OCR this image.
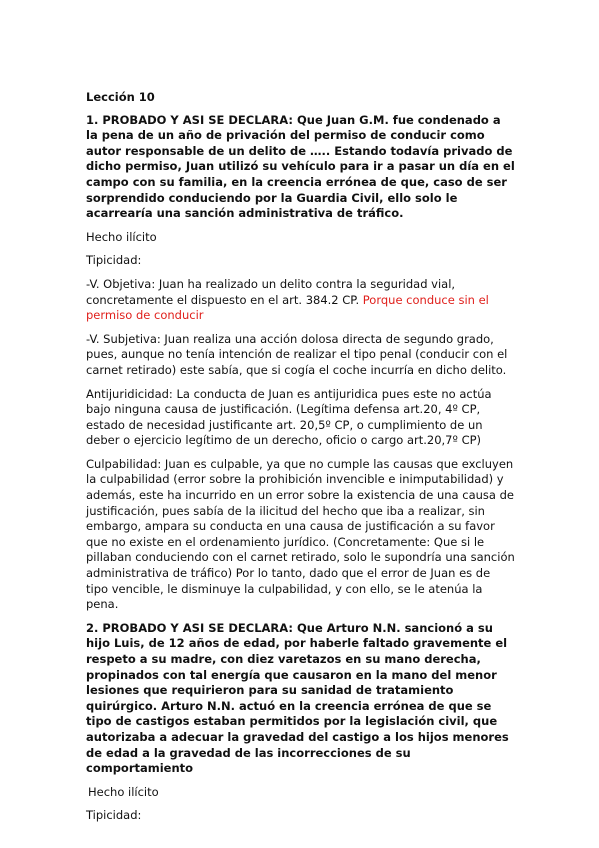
Lección 10

1. PROBADO Y ASI SE DECLARA: Que Juan G.M. fue condenado a la pena de un año de privación del permiso de conducir como autor responsable de un delito de ….. Estando todavía privado de dicho permiso, Juan utilizó su vehículo para ir a pasar un día en el campo con su familia, en la creencia errónea de que, caso de ser sorprendido conduciendo por la Guardia Civil, ello solo le acarrearía una sanción administrativa de tráfico.

Hecho ilícito

Tipicidad:

-V. Objetiva: Juan ha realizado un delito contra la seguridad vial, concretamente el dispuesto en el art. 384.2 CP. Porque conduce sin el permiso de conducir

-V. Subjetiva: Juan realiza una acción dolosa directa de segundo grado, pues, aunque no tenía intención de realizar el tipo penal (conducir con el carnet retirado) este sabía, que si cogía el coche incurría en dicho delito.

Antijuridicidad: La conducta de Juan es antijuridica pues este no actúa bajo ninguna causa de justificación. (Legítima defensa art.20, 4º CP, estado de necesidad justificante art. 20,5º CP, o cumplimiento de un deber o ejercicio legítimo de un derecho, oficio o cargo art.20,7º CP)

Culpabilidad: Juan es culpable, ya que no cumple las causas que excluyen la culpabilidad (error sobre la prohibición invencible e inimputabilidad) y además, este ha incurrido en un error sobre la existencia de una causa de justificación, pues sabía de la ilicitud del hecho que iba a realizar, sin embargo, ampara su conducta en una causa de justificación a su favor que no existe en el ordenamiento jurídico. (Concretamente: Que si le pillaban conduciendo con el carnet retirado, solo le supondría una sanción administrativa de tráfico) Por lo tanto, dado que el error de Juan es de tipo vencible, le disminuye la culpabilidad, y con ello, se le atenúa la pena.

2. PROBADO Y ASI SE DECLARA: Que Arturo N.N. sancionó a su hijo Luis, de 12 años de edad, por haberle faltado gravemente el respeto a su madre, con diez varetazos en su mano derecha, propinados con tal energía que causaron en la mano del menor lesiones que requirieron para su sanidad de tratamiento quirúrgico. Arturo N.N. actuó en la creencia errónea de que se tipo de castigos estaban permitidos por la legislación civil, que autorizaba a adecuar la gravedad del castigo a los hijos menores de edad a la gravedad de las incorrecciones de su comportamiento

Hecho ilícito

Tipicidad:
